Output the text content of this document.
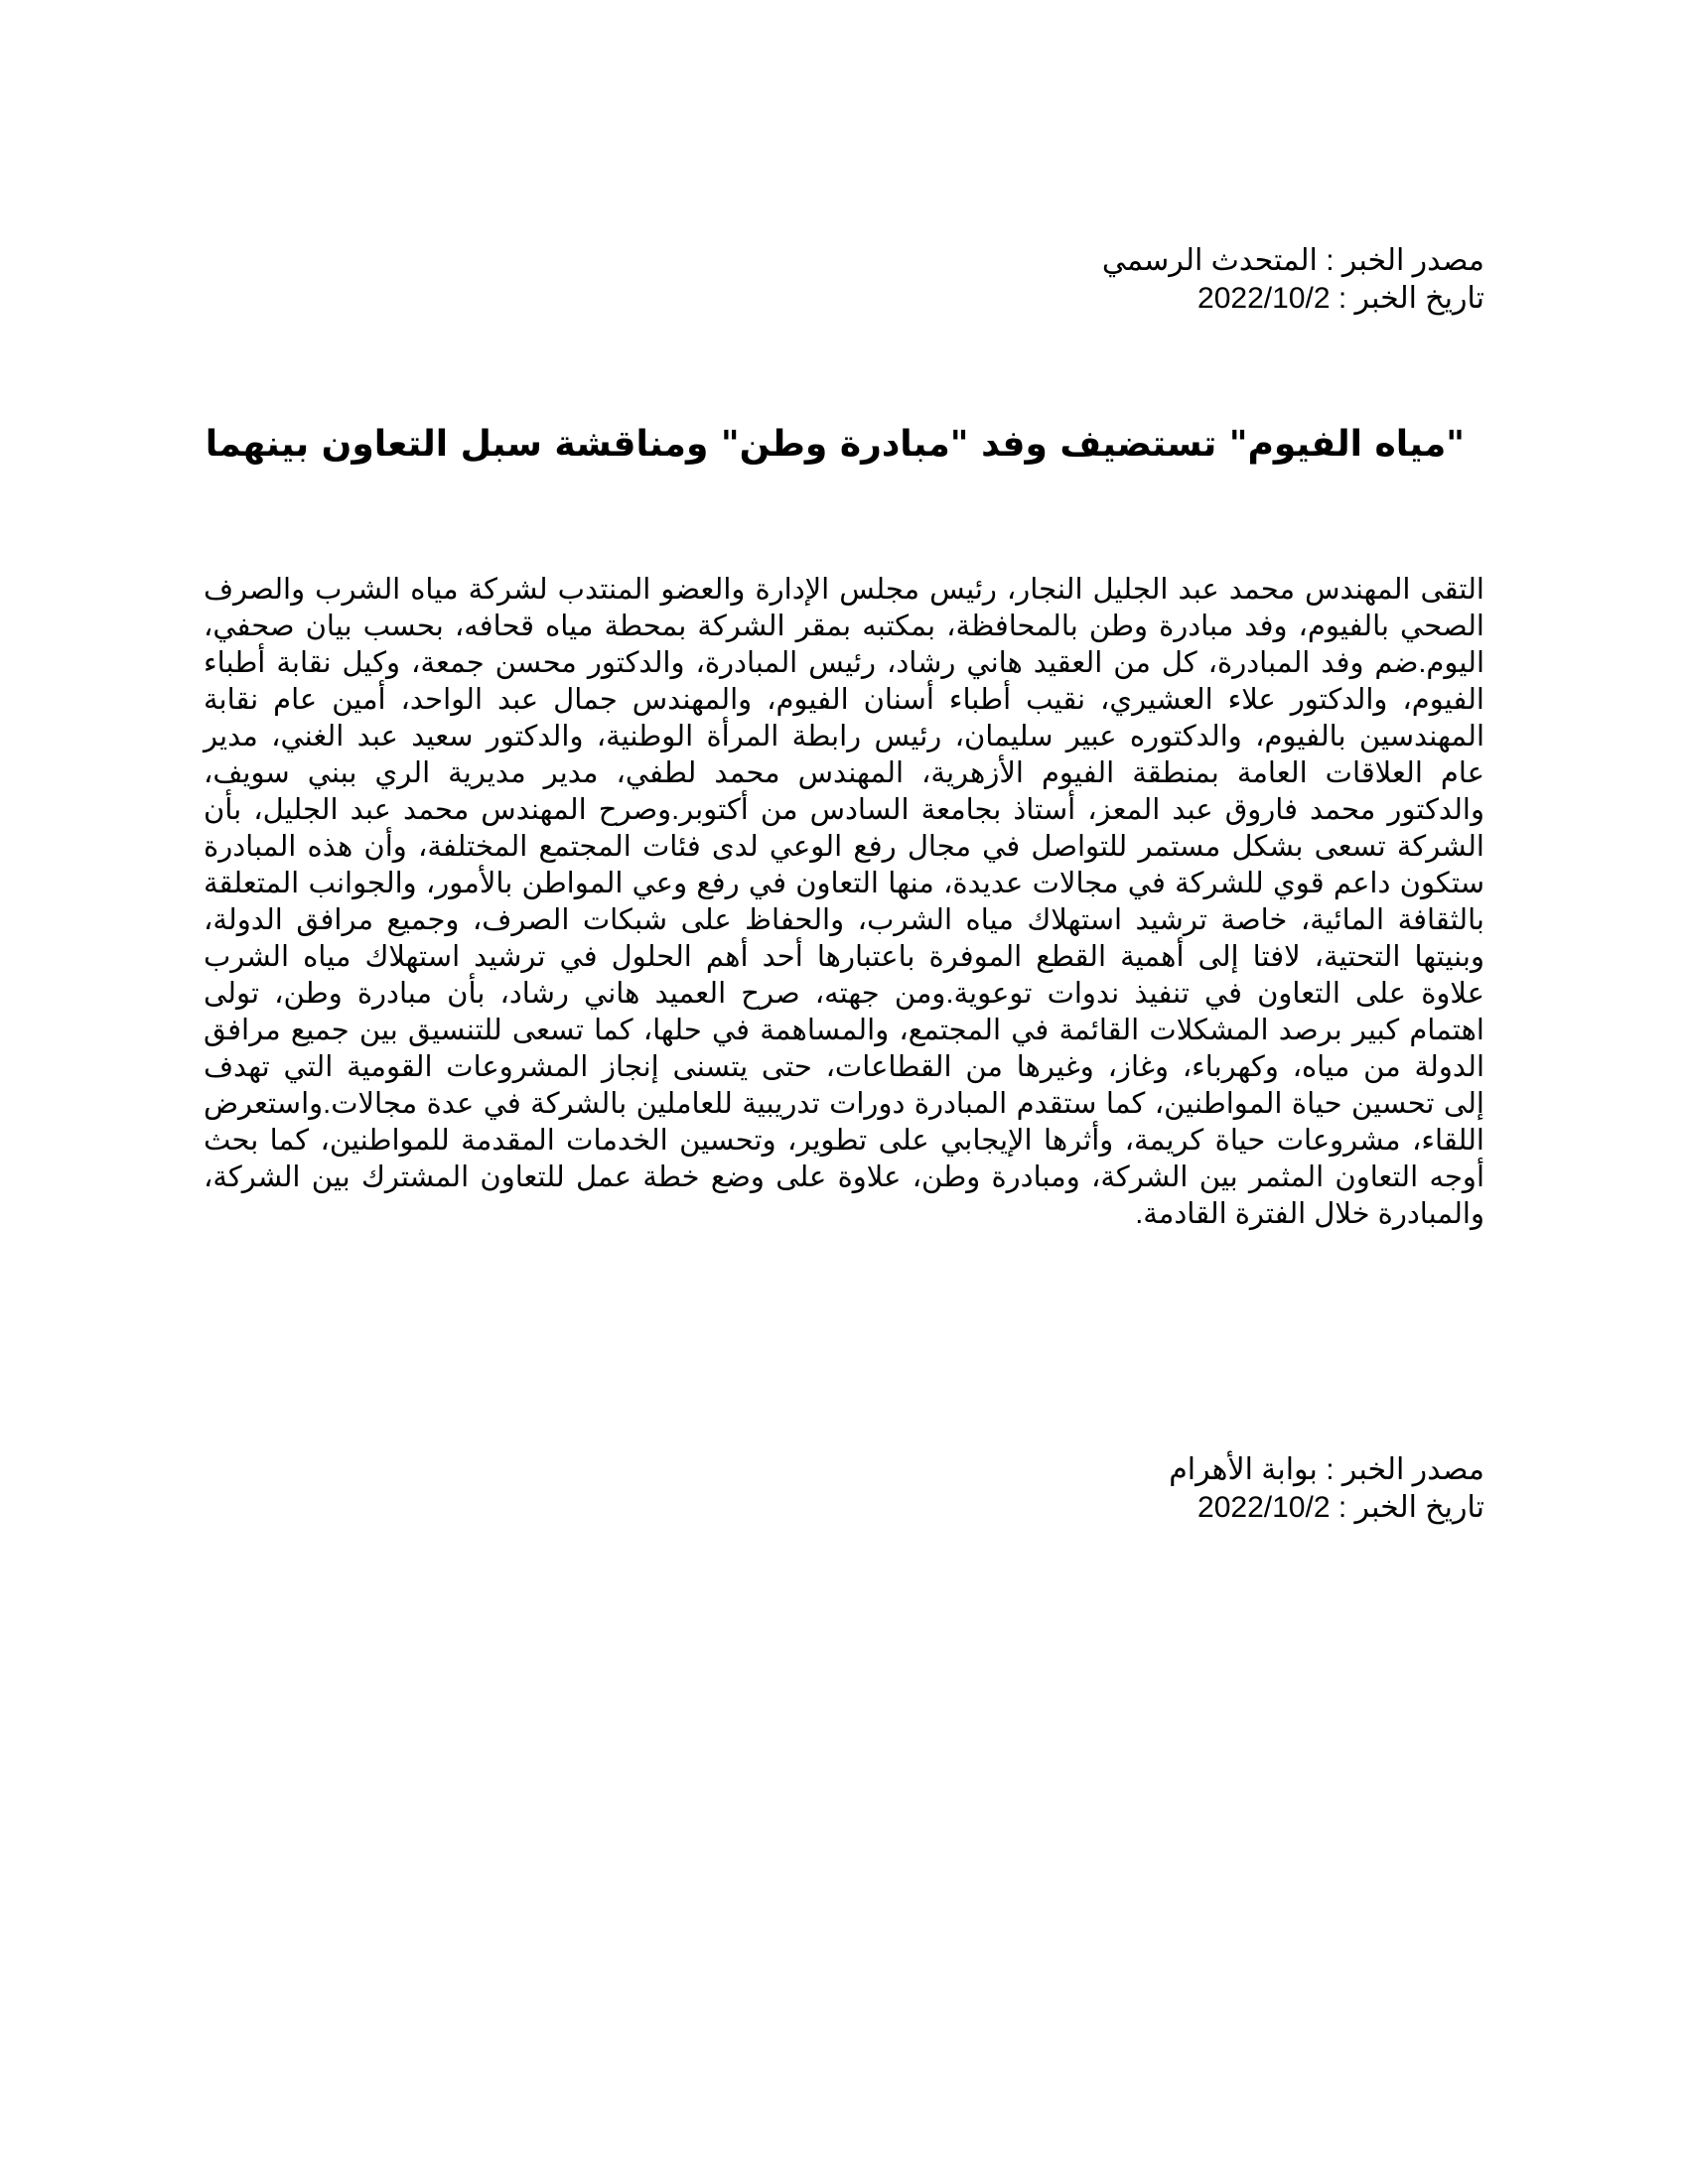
مصدر الخبر : المتحدث الرسمي
تاريخ الخبر : 2022/10/2
"مياه الفيوم" تستضيف وفد "مبادرة وطن" ومناقشة سبل التعاون بينهما
التقى المهندس محمد عبد الجليل النجار، رئيس مجلس الإدارة والعضو المنتدب لشركة مياه الشرب والصرف
الصحي بالفيوم، وفد مبادرة وطن بالمحافظة، بمكتبه بمقر الشركة بمحطة مياه قحافه، بحسب بيان صحفي،
اليوم.ضم وفد المبادرة، كل من العقيد هاني رشاد، رئيس المبادرة، والدكتور محسن جمعة، وكيل نقابة أطباء
الفيوم، والدكتور علاء العشيري، نقيب أطباء أسنان الفيوم، والمهندس جمال عبد الواحد، أمين عام نقابة
المهندسين بالفيوم، والدكتوره عبير سليمان، رئيس رابطة المرأة الوطنية، والدكتور سعيد عبد الغني، مدير
عام العلاقات العامة بمنطقة الفيوم الأزهرية، المهندس محمد لطفي، مدير مديرية الري ببني سويف،
والدكتور محمد فاروق عبد المعز، أستاذ بجامعة السادس من أكتوبر.وصرح المهندس محمد عبد الجليل، بأن
الشركة تسعى بشكل مستمر للتواصل في مجال رفع الوعي لدى فئات المجتمع المختلفة، وأن هذه المبادرة
ستكون داعم قوي للشركة في مجالات عديدة، منها التعاون في رفع وعي المواطن بالأمور، والجوانب المتعلقة
بالثقافة المائية، خاصة ترشيد استهلاك مياه الشرب، والحفاظ على شبكات الصرف، وجميع مرافق الدولة،
وبنيتها التحتية، لافتا إلى أهمية القطع الموفرة باعتبارها أحد أهم الحلول في ترشيد استهلاك مياه الشرب
علاوة على التعاون في تنفيذ ندوات توعوية.ومن جهته، صرح العميد هاني رشاد، بأن مبادرة وطن، تولى
اهتمام كبير برصد المشكلات القائمة في المجتمع، والمساهمة في حلها، كما تسعى للتنسيق بين جميع مرافق
الدولة من مياه، وكهرباء، وغاز، وغيرها من القطاعات، حتى يتسنى إنجاز المشروعات القومية التي تهدف
إلى تحسين حياة المواطنين، كما ستقدم المبادرة دورات تدريبية للعاملين بالشركة في عدة مجالات.واستعرض
اللقاء، مشروعات حياة كريمة، وأثرها الإيجابي على تطوير، وتحسين الخدمات المقدمة للمواطنين، كما بحث
أوجه التعاون المثمر بين الشركة، ومبادرة وطن، علاوة على وضع خطة عمل للتعاون المشترك بين الشركة،
والمبادرة خلال الفترة القادمة.
مصدر الخبر : بوابة الأهرام
تاريخ الخبر : 2022/10/2
